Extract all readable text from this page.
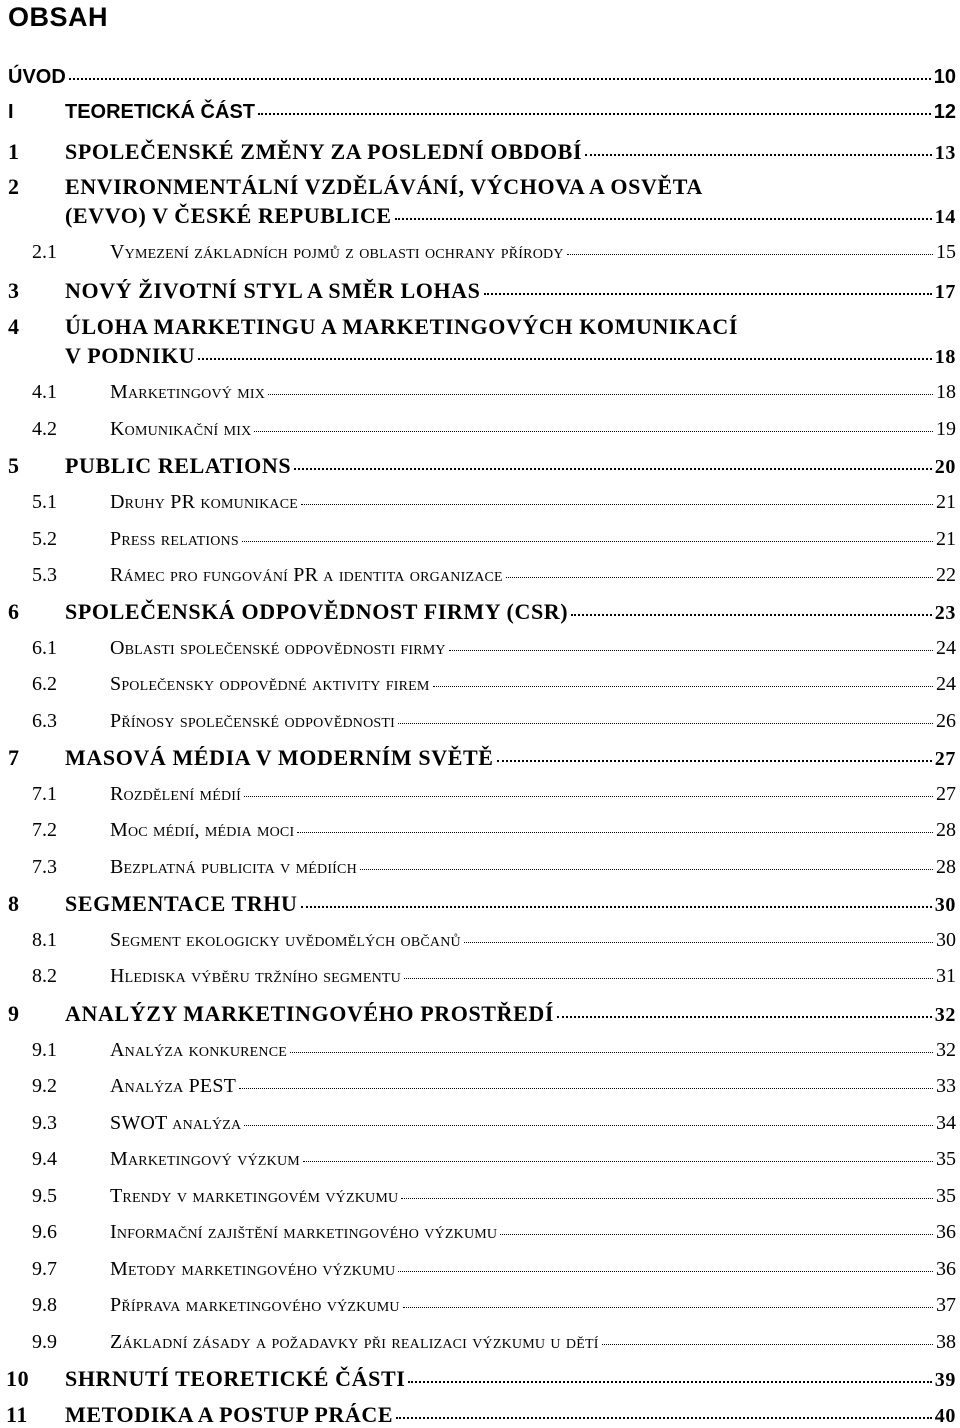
OBSAH
ÚVOD	10
I	TEORETICKÁ ČÁST	12
1	SPOLEČENSKÉ ZMĚNY ZA POSLEDNÍ OBDOBÍ	13
2	ENVIRONMENTÁLNÍ VZDĚLÁVÁNÍ, VÝCHOVA A OSVĚTA
(EVVO) V ČESKÉ REPUBLICE	14
2.1	Vymezení základních pojmů z oblasti ochrany přírody	15
3	NOVÝ ŽIVOTNÍ STYL A SMĚR LOHAS	17
4	ÚLOHA MARKETINGU A MARKETINGOVÝCH KOMUNIKACÍ
V PODNIKU	18
4.1	Marketingový mix	18
4.2	Komunikační mix	19
5	PUBLIC RELATIONS	20
5.1	Druhy PR komunikace	21
5.2	Press relations	21
5.3	Rámec pro fungování PR a identita organizace	22
6	SPOLEČENSKÁ ODPOVĚDNOST FIRMY (CSR)	23
6.1	Oblasti společenské odpovědnosti firmy	24
6.2	Společensky odpovědné aktivity firem	24
6.3	Přínosy společenské odpovědnosti	26
7	MASOVÁ MÉDIA V MODERNÍM SVĚTĚ	27
7.1	Rozdělení médií	27
7.2	Moc médií, média moci	28
7.3	Bezplatná publicita v médiích	28
8	SEGMENTACE TRHU	30
8.1	Segment ekologicky uvědomělých občanů	30
8.2	Hlediska výběru tržního segmentu	31
9	ANALÝZY MARKETINGOVÉHO PROSTŘEDÍ	32
9.1	Analýza konkurence	32
9.2	Analýza PEST	33
9.3	SWOT analýza	34
9.4	Marketingový výzkum	35
9.5	Trendy v marketingovém výzkumu	35
9.6	Informační zajištění marketingového výzkumu	36
9.7	Metody marketingového výzkumu	36
9.8	Příprava marketingového výzkumu	37
9.9	Základní zásady a požadavky při realizaci výzkumu u dětí	38
10	SHRNUTÍ TEORETICKÉ ČÁSTI	39
11	METODIKA A POSTUP PRÁCE	40
